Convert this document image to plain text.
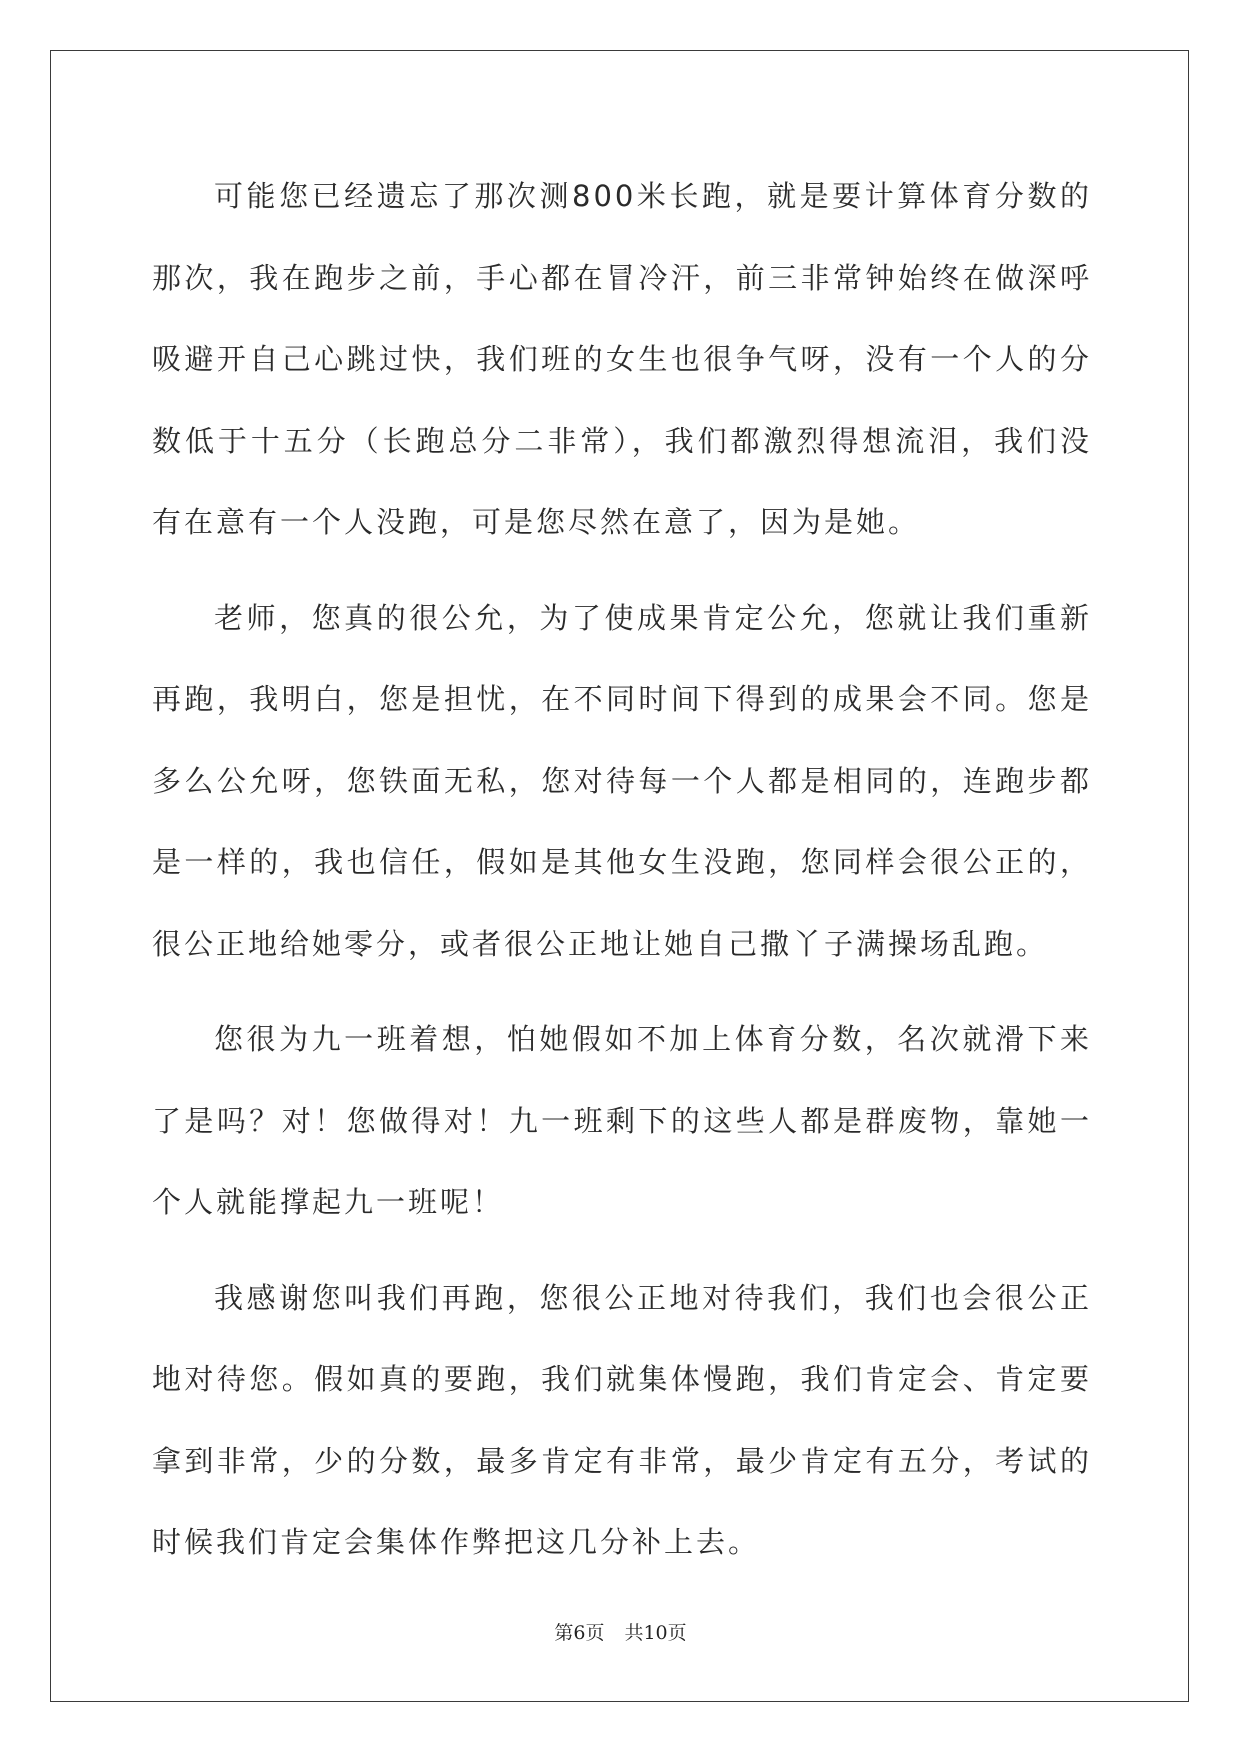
可能您已经遗忘了那次测800米长跑，就是要计算体育分数的那次，我在跑步之前，手心都在冒冷汗，前三非常钟始终在做深呼吸避开自己心跳过快，我们班的女生也很争气呀，没有一个人的分数低于十五分（长跑总分二非常），我们都激烈得想流泪，我们没有在意有一个人没跑，可是您尽然在意了，因为是她。

老师，您真的很公允，为了使成果肯定公允，您就让我们重新再跑，我明白，您是担忧，在不同时间下得到的成果会不同。您是多么公允呀，您铁面无私，您对待每一个人都是相同的，连跑步都是一样的，我也信任，假如是其他女生没跑，您同样会很公正的，很公正地给她零分，或者很公正地让她自己撒丫子满操场乱跑。

您很为九一班着想，怕她假如不加上体育分数，名次就滑下来了是吗？对！您做得对！九一班剩下的这些人都是群废物，靠她一个人就能撑起九一班呢！

我感谢您叫我们再跑，您很公正地对待我们，我们也会很公正地对待您。假如真的要跑，我们就集体慢跑，我们肯定会、肯定要拿到非常，少的分数，最多肯定有非常，最少肯定有五分，考试的时候我们肯定会集体作弊把这几分补上去。

第6页 共10页
